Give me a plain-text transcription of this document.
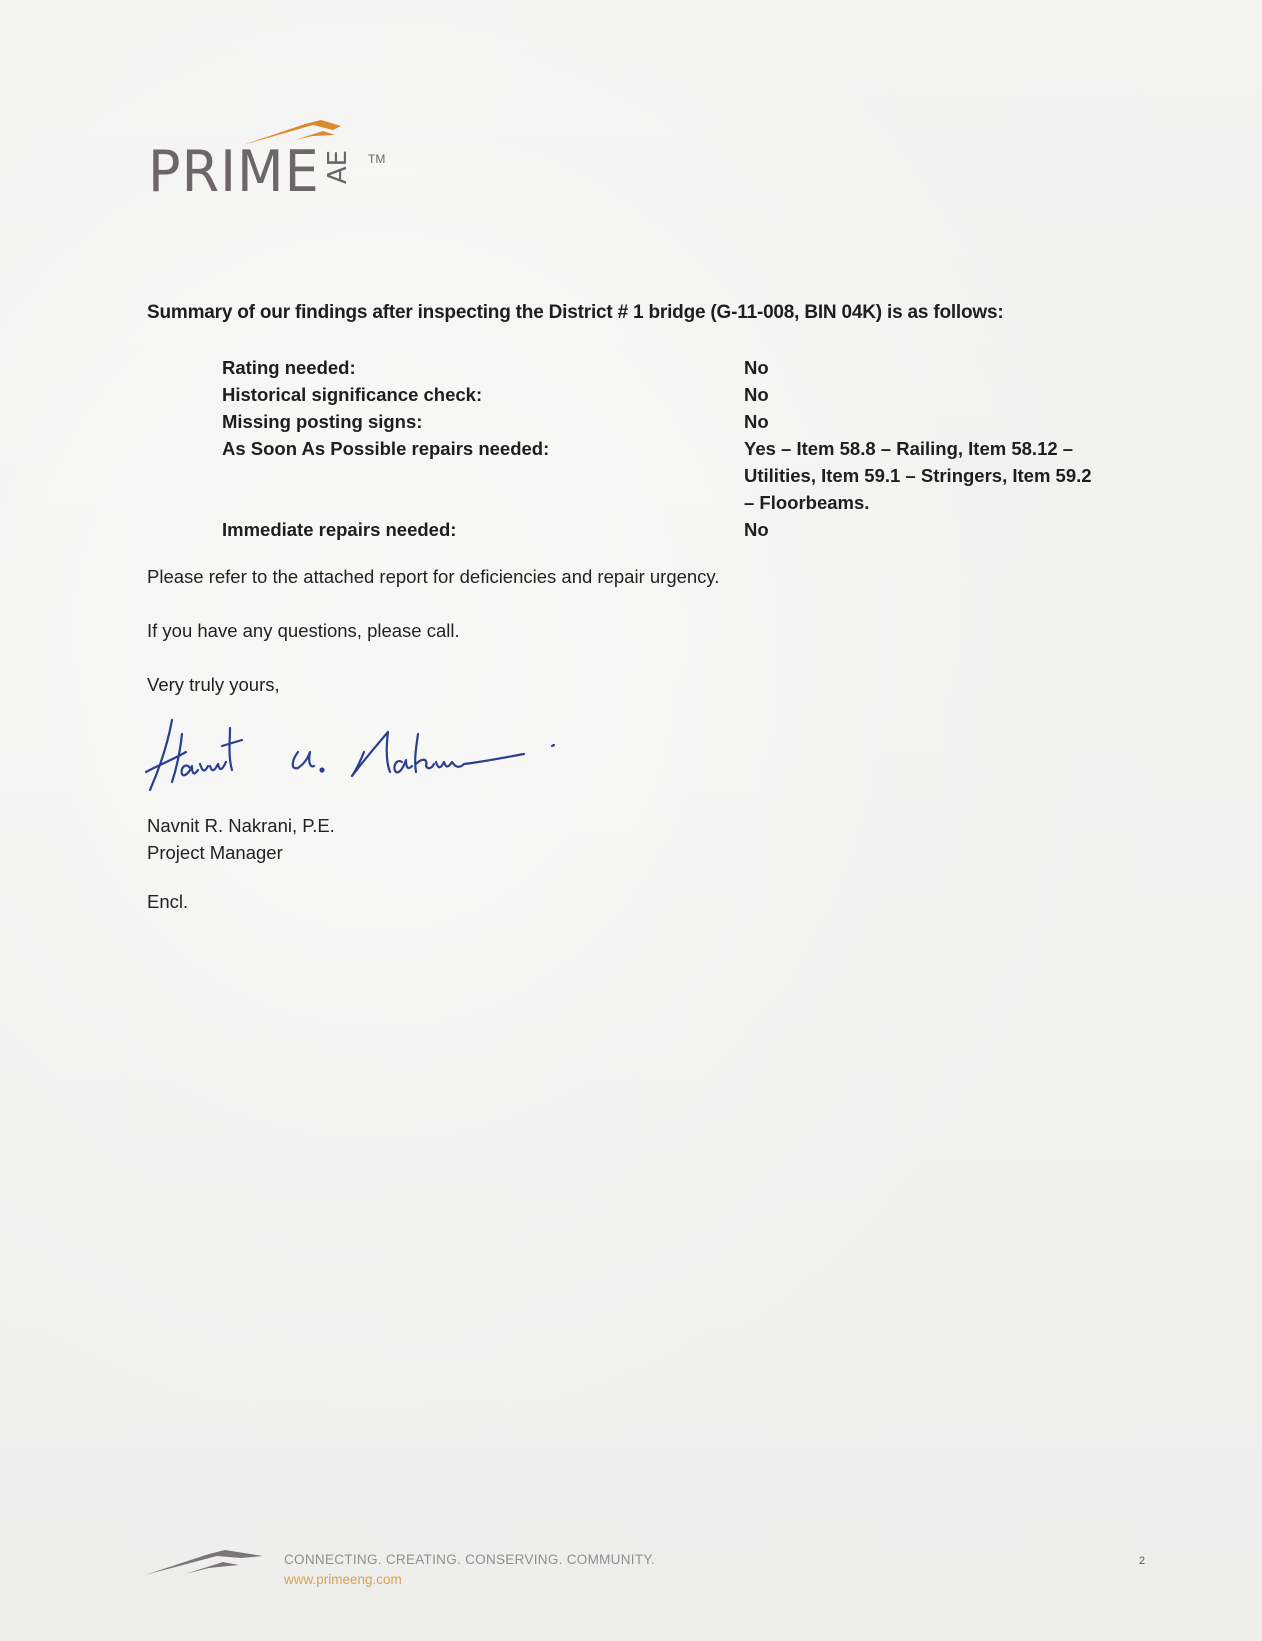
PRIME AE TM
Summary of our findings after inspecting the District # 1 bridge (G-11-008, BIN 04K) is as follows:
Rating needed:	No
Historical significance check:	No
Missing posting signs:	No
As Soon As Possible repairs needed:	Yes – Item 58.8 – Railing, Item 58.12 –
Utilities, Item 59.1 – Stringers, Item 59.2
– Floorbeams.
Immediate repairs needed:	No
Please refer to the attached report for deficiencies and repair urgency.
If you have any questions, please call.
Very truly yours,
Navnit R. Nakrani, P.E.
Project Manager
Encl.
CONNECTING. CREATING. CONSERVING. COMMUNITY.
www.primeeng.com
2
